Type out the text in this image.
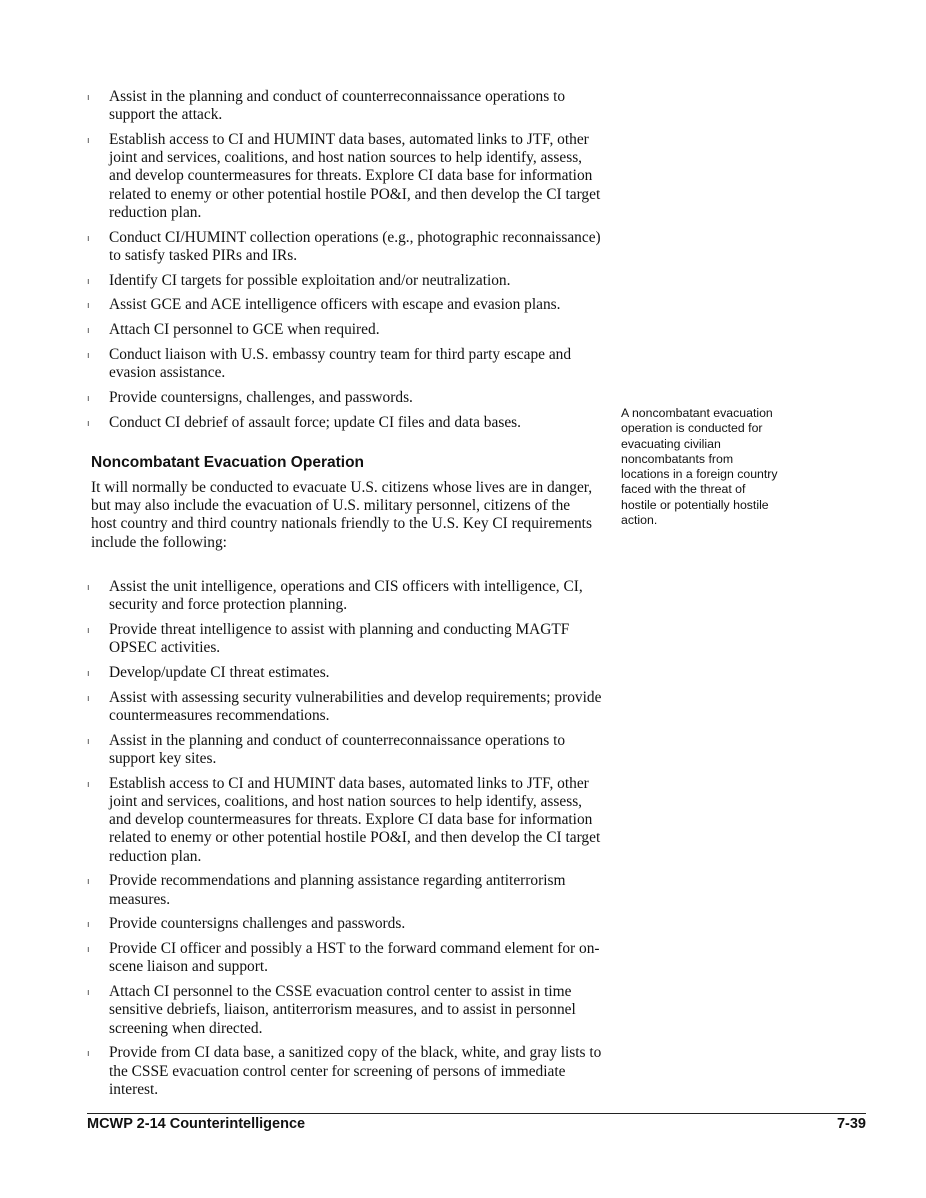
ı Assist in the planning and conduct of counterreconnaissance operations to support the attack.
ı Establish access to CI and HUMINT data bases, automated links to JTF, other joint and services, coalitions, and host nation sources to help identify, assess, and develop countermeasures for threats. Explore CI data base for information related to enemy or other potential hostile PO&I, and then develop the CI target reduction plan.
ı Conduct CI/HUMINT collection operations (e.g., photographic reconnaissance) to satisfy tasked PIRs and IRs.
ı Identify CI targets for possible exploitation and/or neutralization.
ı Assist GCE and ACE intelligence officers with escape and evasion plans.
ı Attach CI personnel to GCE when required.
ı Conduct liaison with U.S. embassy country team for third party escape and evasion assistance.
ı Provide countersigns, challenges, and passwords.
ı Conduct CI debrief of assault force; update CI files and data bases.
Noncombatant Evacuation Operation

It will normally be conducted to evacuate U.S. citizens whose lives are in danger, but may also include the evacuation of U.S. military personnel, citizens of the host country and third country nationals friendly to the U.S. Key CI requirements include the following:

A noncombatant evacuation operation is conducted for evacuating civilian noncombatants from locations in a foreign country faced with the threat of hostile or potentially hostile action.

ı Assist the unit intelligence, operations and CIS officers with intelligence, CI, security and force protection planning.
ı Provide threat intelligence to assist with planning and conducting MAGTF OPSEC activities.
ı Develop/update CI threat estimates.
ı Assist with assessing security vulnerabilities and develop requirements; provide countermeasures recommendations.
ı Assist in the planning and conduct of counterreconnaissance operations to support key sites.
ı Establish access to CI and HUMINT data bases, automated links to JTF, other joint and services, coalitions, and host nation sources to help identify, assess, and develop countermeasures for threats. Explore CI data base for information related to enemy or other potential hostile PO&I, and then develop the CI target reduction plan.
ı Provide recommendations and planning assistance regarding antiterrorism measures.
ı Provide countersigns challenges and passwords.
ı Provide CI officer and possibly a HST to the forward command element for on-scene liaison and support.
ı Attach CI personnel to the CSSE evacuation control center to assist in time sensitive debriefs, liaison, antiterrorism measures, and to assist in personnel screening when directed.
ı Provide from CI data base, a sanitized copy of the black, white, and gray lists to the CSSE evacuation control center for screening of persons of immediate interest.
MCWP 2-14 Counterintelligence	7-39
